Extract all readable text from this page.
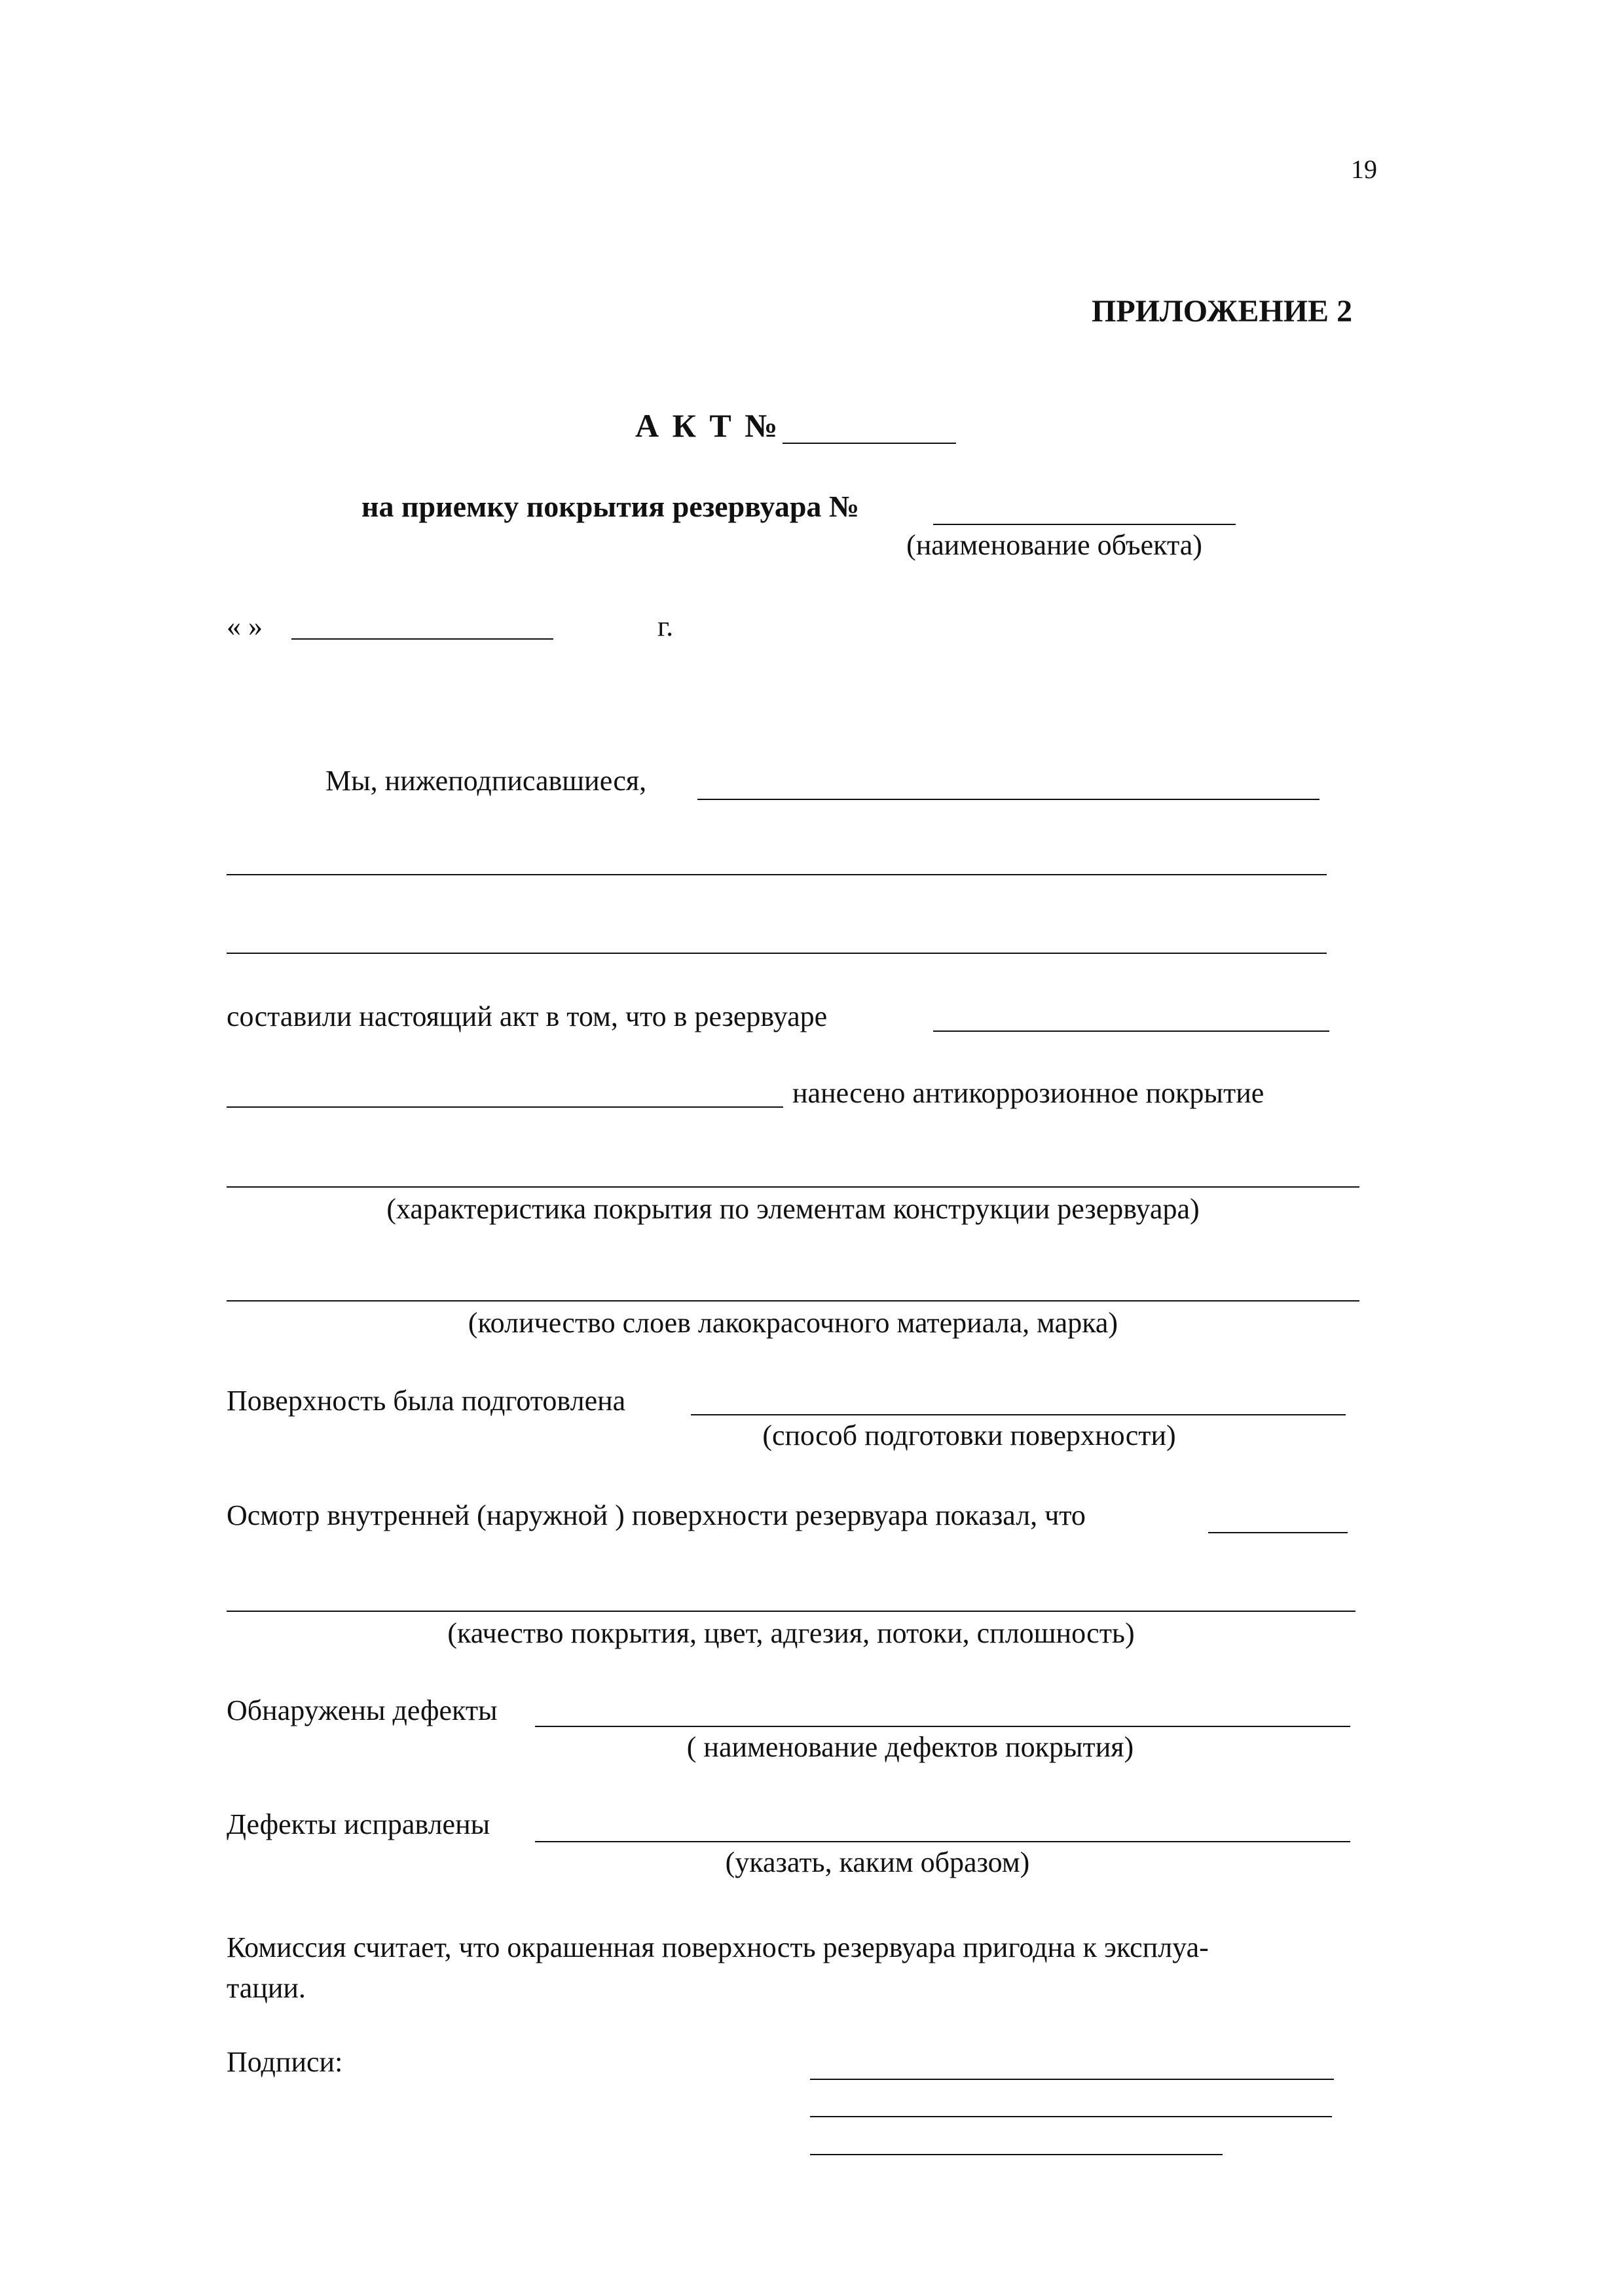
19
ПРИЛОЖЕНИЕ 2
А К Т №
на приемку покрытия резервуара №
(наименование объекта)
« »	г.
Мы, нижеподписавшиеся,
составили настоящий акт в том, что в резервуаре
нанесено антикоррозионное покрытие
(характеристика покрытия по элементам конструкции резервуара)
(количество слоев лакокрасочного материала, марка)
Поверхность была подготовлена
(способ подготовки поверхности)
Осмотр внутренней (наружной ) поверхности резервуара показал, что
(качество покрытия, цвет, адгезия, потоки, сплошность)
Обнаружены дефекты
( наименование дефектов покрытия)
Дефекты исправлены
(указать, каким образом)
Комиссия считает, что окрашенная поверхность резервуара пригодна к эксплуа-
тации.
Подписи:
